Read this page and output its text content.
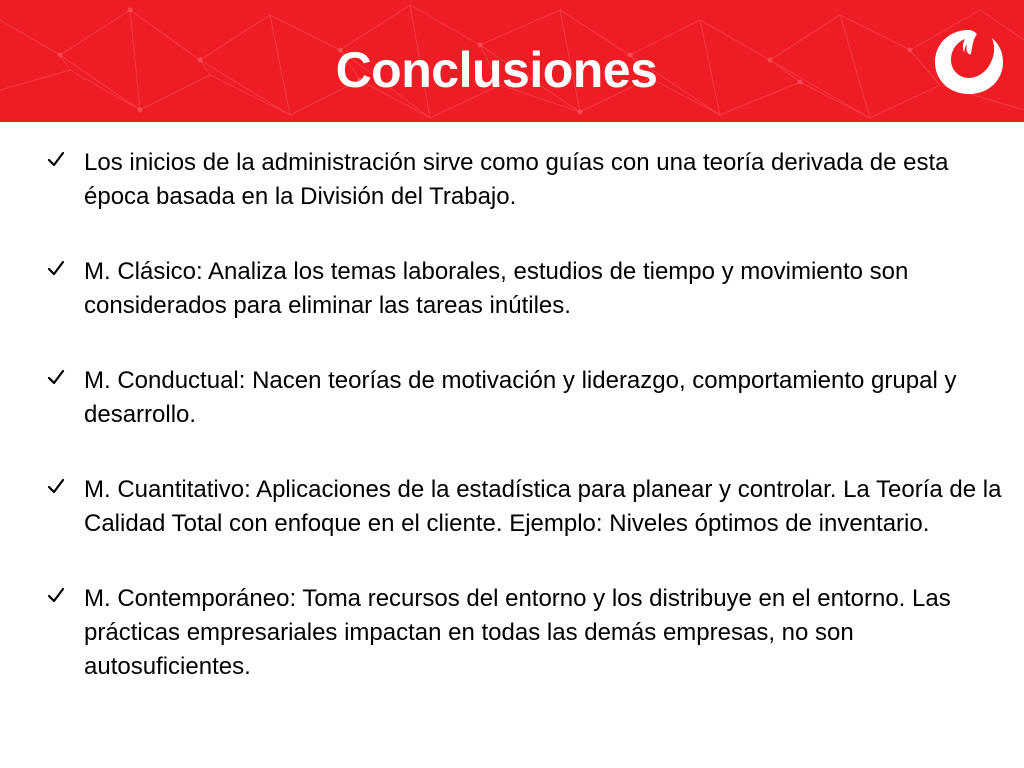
Conclusiones

Los inicios de la administración sirve como guías con una teoría derivada de esta época basada en la División del Trabajo.

M. Clásico: Analiza los temas laborales, estudios de tiempo y movimiento son considerados para eliminar las tareas inútiles.

M. Conductual: Nacen teorías de motivación y liderazgo, comportamiento grupal y desarrollo.

M. Cuantitativo: Aplicaciones de la estadística para planear y controlar. La Teoría de la Calidad Total con enfoque en el cliente. Ejemplo: Niveles óptimos de inventario.

M. Contemporáneo: Toma recursos del entorno y los distribuye en el entorno. Las prácticas empresariales impactan en todas las demás empresas, no son autosuficientes.
